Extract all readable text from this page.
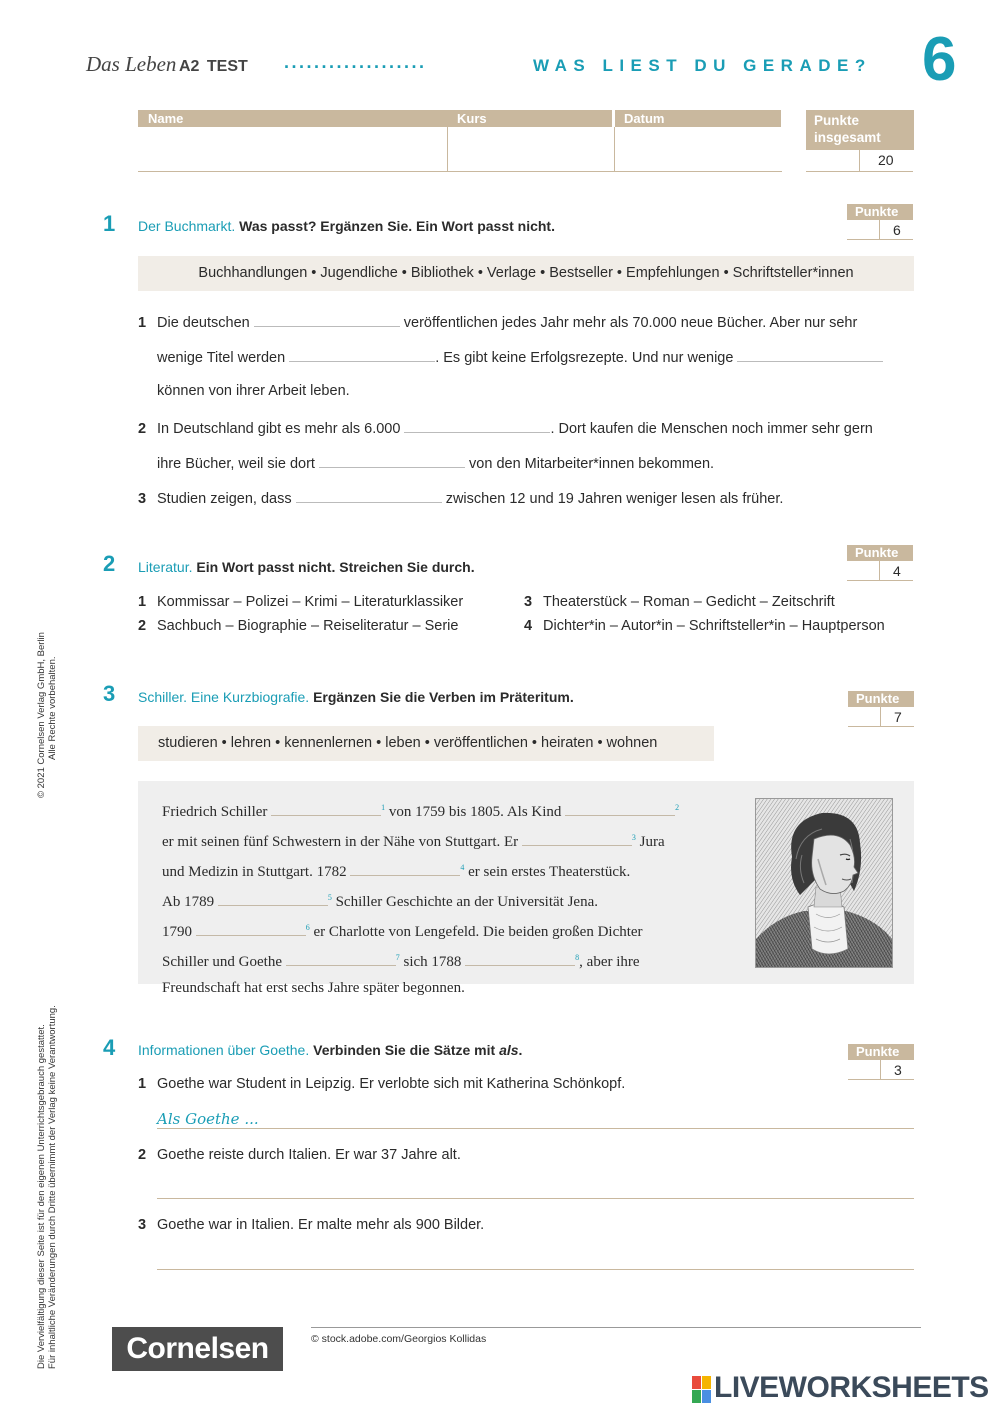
Das Leben A2 TEST ...................	WAS LIEST DU GERADE? 6
Name	Kurs	Datum	Punkte
insgesamt
20
1 Der Buchmarkt. Was passt? Ergänzen Sie. Ein Wort passt nicht.
Punkte
6
Buchhandlungen • Jugendliche • Bibliothek • Verlage • Bestseller • Empfehlungen • Schriftsteller*innen
1 Die deutschen	veröffentlichen jedes Jahr mehr als 70.000 neue Bücher. Aber nur sehr
wenige Titel werden	. Es gibt keine Erfolgsrezepte. Und nur wenige
können von ihrer Arbeit leben.
2 In Deutschland gibt es mehr als 6.000	. Dort kaufen die Menschen noch immer sehr gern
ihre Bücher, weil sie dort	von den Mitarbeiter*innen bekommen.
3 Studien zeigen, dass	zwischen 12 und 19 Jahren weniger lesen als früher.
2 Literatur. Ein Wort passt nicht. Streichen Sie durch.
Punkte
4
1 Kommissar – Polizei – Krimi – Literaturklassiker
2 Sachbuch – Biographie – Reiseliteratur – Serie
3 Theaterstück – Roman – Gedicht – Zeitschrift
4 Dichter*in – Autor*in – Schriftsteller*in – Hauptperson
3 Schiller. Eine Kurzbiografie. Ergänzen Sie die Verben im Präteritum.	Punkte
7
studieren • lehren • kennenlernen • leben • veröffentlichen • heiraten • wohnen
Friedrich Schiller	$^1$ von 1759 bis 1805. Als Kind	$^2$
er mit seinen fünf Schwestern in der Nähe von Stuttgart. Er	$^3$ Jura
und Medizin in Stuttgart. 1782	$^4$ er sein erstes Theaterstück.
Ab 1789	$^5$ Schiller Geschichte an der Universität Jena.
1790	$^6$ er Charlotte von Lengefeld. Die beiden großen Dichter
Schiller und Goethe	$^7$ sich 1788	$^8$, aber ihre
Freundschaft hat erst sechs Jahre später begonnen.
4 Informationen über Goethe. Verbinden Sie die Sätze mit als.	Punkte
3
1 Goethe war Student in Leipzig. Er verlobte sich mit Katherina Schönkopf.
Als Goethe ...
2 Goethe reiste durch Italien. Er war 37 Jahre alt.
3 Goethe war in Italien. Er malte mehr als 900 Bilder.
© 2021 Cornelsen Verlag GmbH, Berlin Alle Rechte vorbehalten.
Die Vervielfältigung dieser Seite ist für den eigenen Unterrichtsgebrauch gestattet. Für inhaltliche Veränderungen durch Dritte übernimmt der Verlag keine Verantwortung.	Cornelsen	© stock.adobe.com/Georgios Kollidas
LIVEWORKSHEETS
